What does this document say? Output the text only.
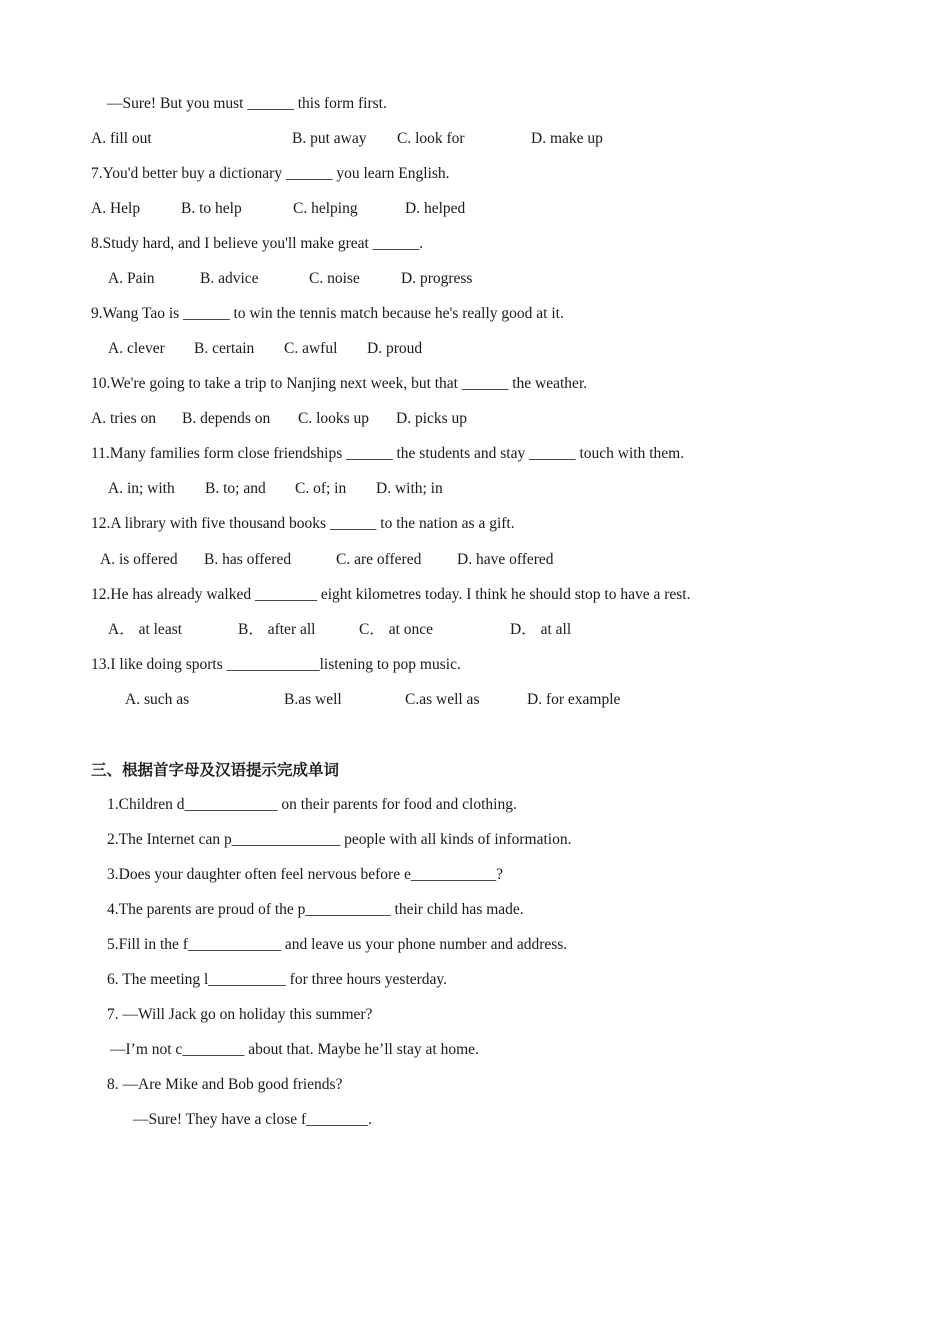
—Sure! But you must ______ this form first.
A. fill out	B. put away C. look for	D. make up
7.You'd better buy a dictionary ______ you learn English.
A. Help	B. to help	C. helping	D. helped
8.Study hard, and I believe you'll make great ______.
A. Pain	B. advice	C. noise	D. progress
9.Wang Tao is ______ to win the tennis match because he's really good at it.
A. clever B. certain C. awful D. proud
10.We're going to take a trip to Nanjing next week, but that ______ the weather.
A. tries on B. depends on C. looks up D. picks up
11.Many families form close friendships ______ the students and stay ______ touch with them.
A. in; with B. to; and C. of; in D. with; in
12.A library with five thousand books ______ to the nation as a gift.
A. is offered B. has offered	C. are offered D. have offered
12.He has already walked ________ eight kilometres today. I think he should stop to have a rest.
A． at least	B． after all	C． at once	D． at all
13.I like doing sports ____________listening to pop music.
A. such as	B.as well	C.as well as	D. for example
三、根据首字母及汉语提示完成单词
1.Children d____________ on their parents for food and clothing.
2.The Internet can p______________ people with all kinds of information.
3.Does your daughter often feel nervous before e___________?
4.The parents are proud of the p___________ their child has made.
5.Fill in the f____________ and leave us your phone number and address.
6. The meeting l__________ for three hours yesterday.
7. —Will Jack go on holiday this summer?
—I’m not c________ about that. Maybe he’ll stay at home.
8. —Are Mike and Bob good friends?
—Sure! They have a close f________.
